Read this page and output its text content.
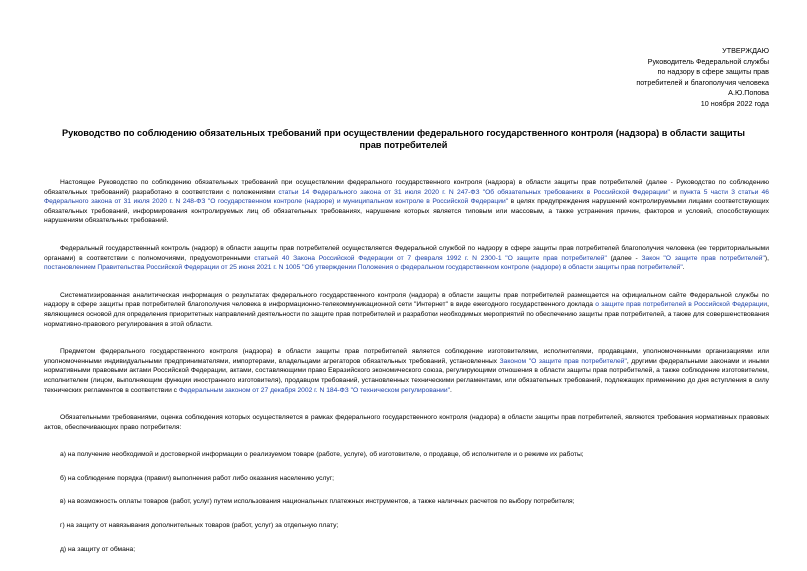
УТВЕРЖДАЮ
Руководитель Федеральной службы
по надзору в сфере защиты прав
потребителей и благополучия человека
А.Ю.Попова
10 ноября 2022 года
Руководство по соблюдению обязательных требований при осуществлении федерального государственного контроля (надзора) в области защиты прав потребителей

Настоящее Руководство по соблюдению обязательных требований при осуществлении федерального государственного контроля (надзора) в области защиты прав потребителей (далее - Руководство по соблюдению обязательных требований) разработано в соответствии с положениями статьи 14 Федерального закона от 31 июля 2020 г. N 247-ФЗ "Об обязательных требованиях в Российской Федерации" и пункта 5 части 3 статьи 46 Федерального закона от 31 июля 2020 г. N 248-ФЗ "О государственном контроле (надзоре) и муниципальном контроле в Российской Федерации" в целях предупреждения нарушений контролируемыми лицами соответствующих обязательных требований, информирования контролируемых лиц об обязательных требованиях, нарушение которых является типовым или массовым, а также устранения причин, факторов и условий, способствующих нарушениям обязательных требований.

Федеральный государственный контроль (надзор) в области защиты прав потребителей осуществляется Федеральной службой по надзору в сфере защиты прав потребителей благополучия человека (ее территориальными органами) в соответствии с полномочиями, предусмотренными статьей 40 Закона Российской Федерации от 7 февраля 1992 г. N 2300-1 "О защите прав потребителей" (далее - Закон "О защите прав потребителей"), постановлением Правительства Российской Федерации от 25 июня 2021 г. N 1005 "Об утверждении Положения о федеральном государственном контроле (надзоре) в области защиты прав потребителей".

Систематизированная аналитическая информация о результатах федерального государственного контроля (надзора) в области защиты прав потребителей размещается на официальном сайте Федеральной службы по надзору в сфере защиты прав потребителей благополучия человека в информационно-телекоммуникационной сети "Интернет" в виде ежегодного государственного доклада о защите прав потребителей в Российской Федерации, являющимся основой для определения приоритетных направлений деятельности по защите прав потребителей и разработки необходимых мероприятий по обеспечению защиты прав потребителей, а также для совершенствования нормативно-правового регулирования в этой области.

Предметом федерального государственного контроля (надзора) в области защиты прав потребителей является соблюдение изготовителями, исполнителями, продавцами, уполномоченными организациями или уполномоченными индивидуальными предпринимателями, импортерами, владельцами агрегаторов обязательных требований, установленных Законом "О защите прав потребителей", другими федеральными законами и иными нормативными правовыми актами Российской Федерации, актами, составляющими право Евразийского экономического союза, регулирующими отношения в области защиты прав потребителей, а также соблюдение изготовителем, исполнителем (лицом, выполняющим функции иностранного изготовителя), продавцом требований, установленных техническими регламентами, или обязательных требований, подлежащих применению до дня вступления в силу технических регламентов в соответствии с Федеральным законом от 27 декабря 2002 г. N 184-ФЗ "О техническом регулировании".

Обязательными требованиями, оценка соблюдения которых осуществляется в рамках федерального государственного контроля (надзора) в области защиты прав потребителей, являются требования нормативных правовых актов, обеспечивающих право потребителя:

а) на получение необходимой и достоверной информации о реализуемом товаре (работе, услуге), об изготовителе, о продавце, об исполнителе и о режиме их работы;

б) на соблюдение порядка (правил) выполнения работ либо оказания населению услуг;

в) на возможность оплаты товаров (работ, услуг) путем использования национальных платежных инструментов, а также наличных расчетов по выбору потребителя;

г) на защиту от навязывания дополнительных товаров (работ, услуг) за отдельную плату;

д) на защиту от обмана;
